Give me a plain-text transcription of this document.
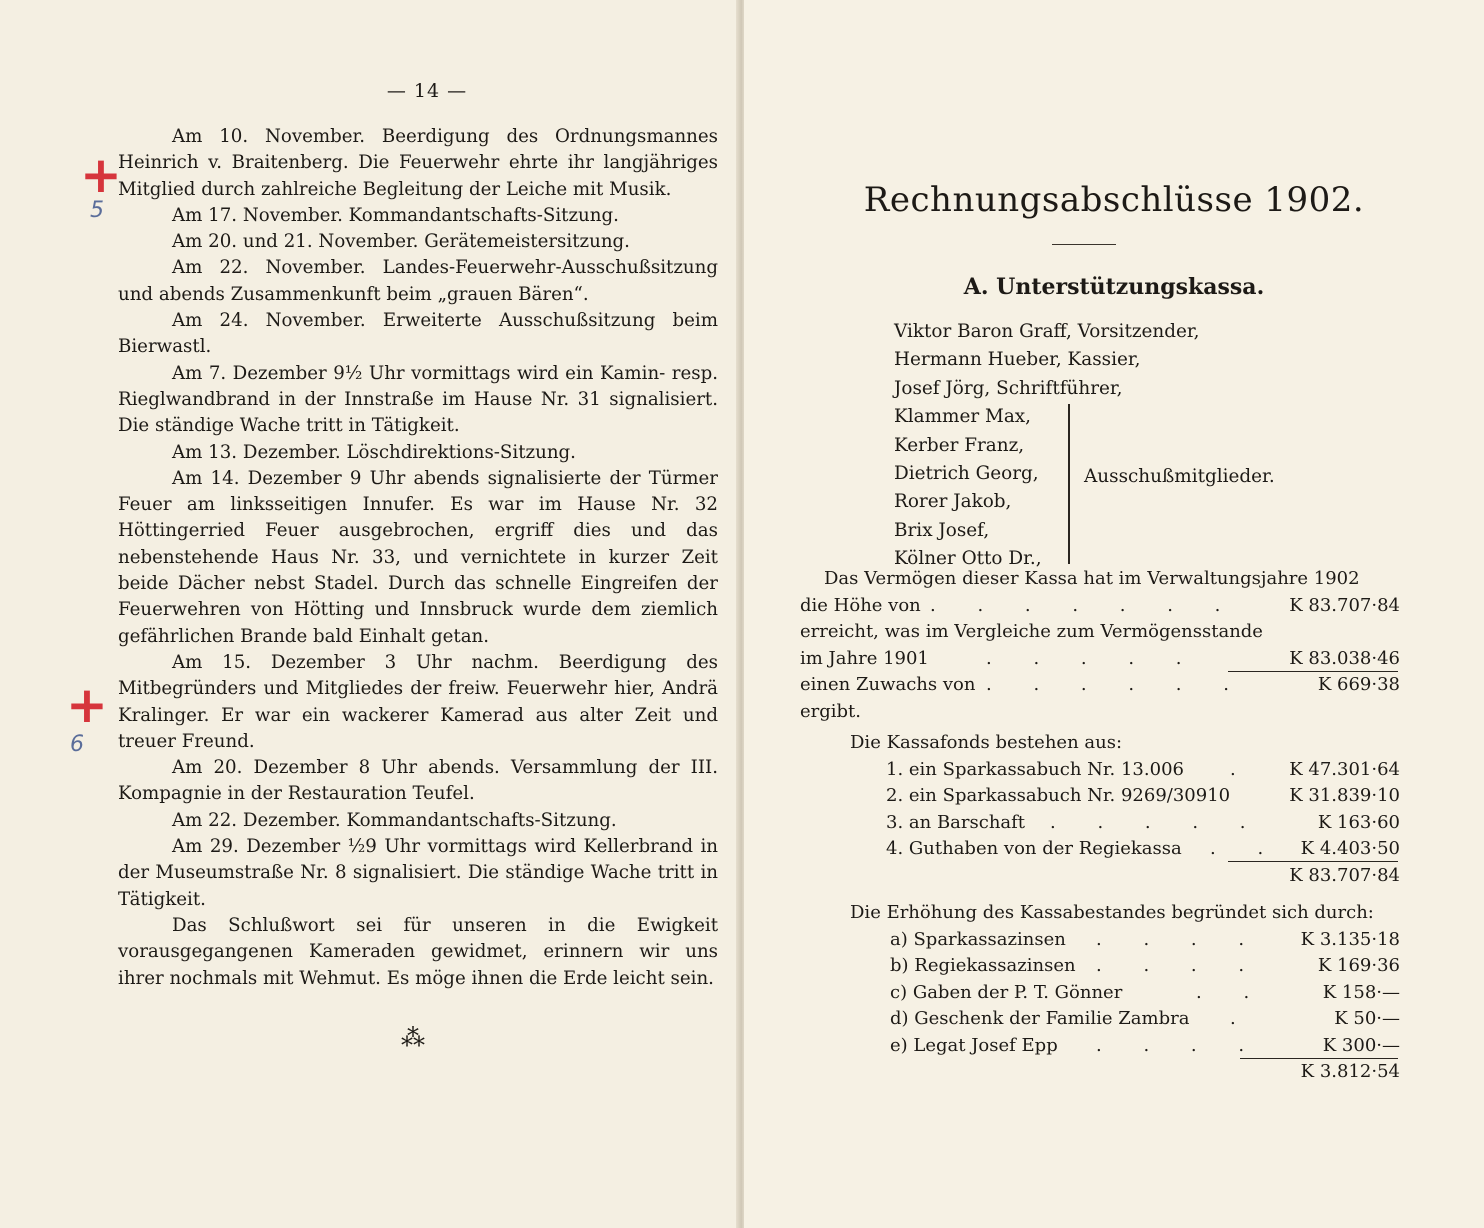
— 14 —

Am 10. November. Beerdigung des Ordnungsmannes Heinrich v. Braitenberg. Die Feuerwehr ehrte ihr langjähriges Mitglied durch zahlreiche Begleitung der Leiche mit Musik.

Am 17. November. Kommandantschafts-Sitzung.

Am 20. und 21. November. Gerätemeistersitzung.

Am 22. November. Landes-Feuerwehr-Ausschußsitzung und abends Zusammenkunft beim „grauen Bären“.

Am 24. November. Erweiterte Ausschußsitzung beim Bierwastl.

Am 7. Dezember 9½ Uhr vormittags wird ein Kamin- resp. Rieglwandbrand in der Innstraße im Hause Nr. 31 signalisiert. Die ständige Wache tritt in Tätigkeit.

Am 13. Dezember. Löschdirektions-Sitzung.

Am 14. Dezember 9 Uhr abends signalisierte der Türmer Feuer am linksseitigen Innufer. Es war im Hause Nr. 32 Höttingerried Feuer ausgebrochen, ergriff dies und das nebenstehende Haus Nr. 33, und vernichtete in kurzer Zeit beide Dächer nebst Stadel. Durch das schnelle Eingreifen der Feuerwehren von Hötting und Innsbruck wurde dem ziemlich gefährlichen Brande bald Einhalt getan.

Am 15. Dezember 3 Uhr nachm. Beerdigung des Mitbegründers und Mitgliedes der freiw. Feuerwehr hier, Andrä Kralinger. Er war ein wackerer Kamerad aus alter Zeit und treuer Freund.

Am 20. Dezember 8 Uhr abends. Versammlung der III. Kompagnie in der Restauration Teufel.

Am 22. Dezember. Kommandantschafts-Sitzung.

Am 29. Dezember ½9 Uhr vormittags wird Kellerbrand in der Museumstraße Nr. 8 signalisiert. Die ständige Wache tritt in Tätigkeit.

Das Schlußwort sei für unseren in die Ewigkeit vorausgegangenen Kameraden gewidmet, erinnern wir uns ihrer nochmals mit Wehmut. Es möge ihnen die Erde leicht sein.

+
5
+
6
⁂
Rechnungsabschlüsse 1902.
A. Unterstützungskassa.
Viktor Baron Graff, Vorsitzender,
Hermann Hueber, Kassier,
Josef Jörg, Schriftführer,
Klammer Max,
Kerber Franz,
Dietrich Georg,
Rorer Jakob,
Brix Josef,
Kölner Otto Dr.,
Ausschußmitglieder.
Das Vermögen dieser Kassa hat im Verwaltungsjahre 1902
die Höhe von . . . . . . .	K 83.707·84
erreicht, was im Vergleiche zum Vermögensstande
im Jahre 1901	. . . . .	K 83.038·46
einen Zuwachs von . . . . . .	K 669·38
ergibt.
Die Kassafonds bestehen aus:
1. ein Sparkassabuch Nr. 13.006	. K 47.301·64
2. ein Sparkassabuch Nr. 9269/30910	K 31.839·10
3. an Barschaft . . . . .	K 163·60
4. Guthaben von der Regiekassa . . K 4.403·50
K 83.707·84
Die Erhöhung des Kassabestandes begründet sich durch:
a) Sparkassazinsen . . . . K 3.135·18
b) Regiekassazinsen . . . .	K 169·36
c) Gaben der P. T. Gönner	. .	K 158·—
d) Geschenk der Familie Zambra .	K 50·—
e) Legat Josef Epp . . . .	K 300·—
K 3.812·54
